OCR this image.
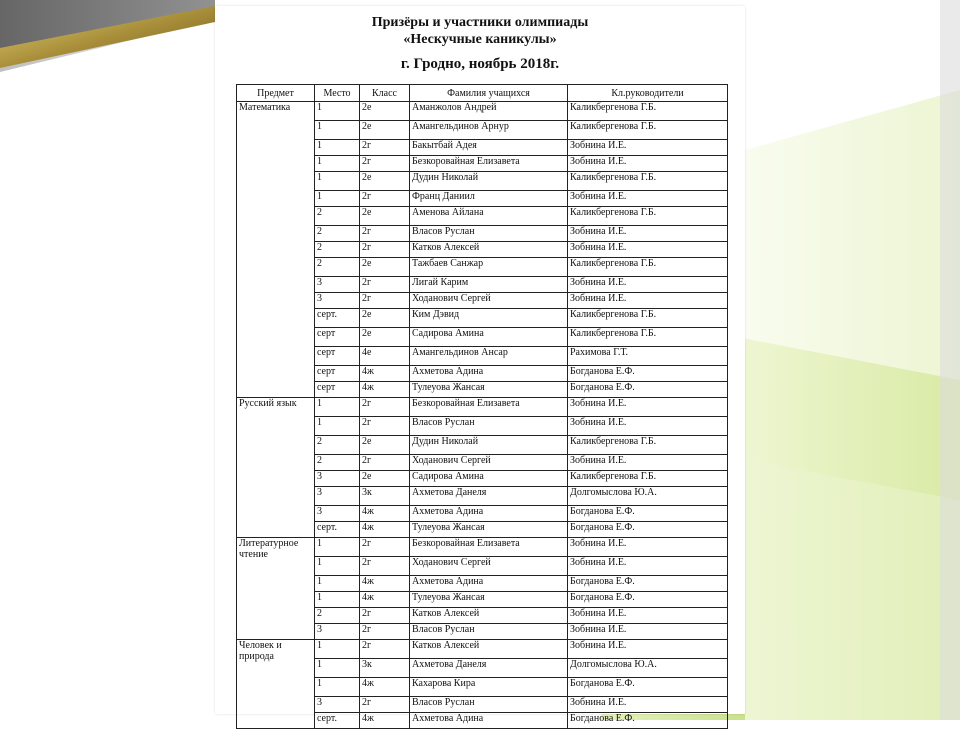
Призёры и участники олимпиады
«Нескучные каникулы»
г. Гродно, ноябрь 2018г.
Предмет	Место	Класс	Фамилия учащихся	Кл.руководители
Математика	1	2е	Аманжолов Андрей	Каликбергенова Г.Б.
	1	2е	Амангельдинов Арнур	Каликбергенова Г.Б.
	1	2г	Бакытбай Адея	Зобнина И.Е.
	1	2г	Безкоровайная Елизавета	Зобнина И.Е.
	1	2е	Дудин Николай	Каликбергенова Г.Б.
	1	2г	Франц Даниил	Зобнина И.Е.
	2	2е	Аменова Айлана	Каликбергенова Г.Б.
	2	2г	Власов Руслан	Зобнина И.Е.
	2	2г	Катков Алексей	Зобнина И.Е.
	2	2е	Тажбаев Санжар	Каликбергенова Г.Б.
	3	2г	Лигай Карим	Зобнина И.Е.
	3	2г	Ходанович Сергей	Зобнина И.Е.
	серт.	2е	Ким Дэвид	Каликбергенова Г.Б.
	серт	2е	Садирова Амина	Каликбергенова Г.Б.
	серт	4е	Амангельдинов Ансар	Рахимова Г.Т.
	серт	4ж	Ахметова Адина	Богданова Е.Ф.
	серт	4ж	Тулеуова Жансая	Богданова Е.Ф.
Русский язык	1	2г	Безкоровайная Елизавета	Зобнина И.Е.
	1	2г	Власов Руслан	Зобнина И.Е.
	2	2е	Дудин Николай	Каликбергенова Г.Б.
	2	2г	Ходанович Сергей	Зобнина И.Е.
	3	2е	Садирова Амина	Каликбергенова Г.Б.
	3	3к	Ахметова Данеля	Долгомыслова Ю.А.
	3	4ж	Ахметова Адина	Богданова Е.Ф.
	серт.	4ж	Тулеуова Жансая	Богданова Е.Ф.
Литературное чтение	1	2г	Безкоровайная Елизавета	Зобнина И.Е.
	1	2г	Ходанович Сергей	Зобнина И.Е.
	1	4ж	Ахметова Адина	Богданова Е.Ф.
	1	4ж	Тулеуова Жансая	Богданова Е.Ф.
	2	2г	Катков Алексей	Зобнина И.Е.
	3	2г	Власов Руслан	Зобнина И.Е.
Человек и природа	1	2г	Катков Алексей	Зобнина И.Е.
	1	3к	Ахметова Данеля	Долгомыслова Ю.А.
	1	4ж	Кахарова Кира	Богданова Е.Ф.
	3	2г	Власов Руслан	Зобнина И.Е.
	серт.	4ж	Ахметова Адина	Богданова Е.Ф.
